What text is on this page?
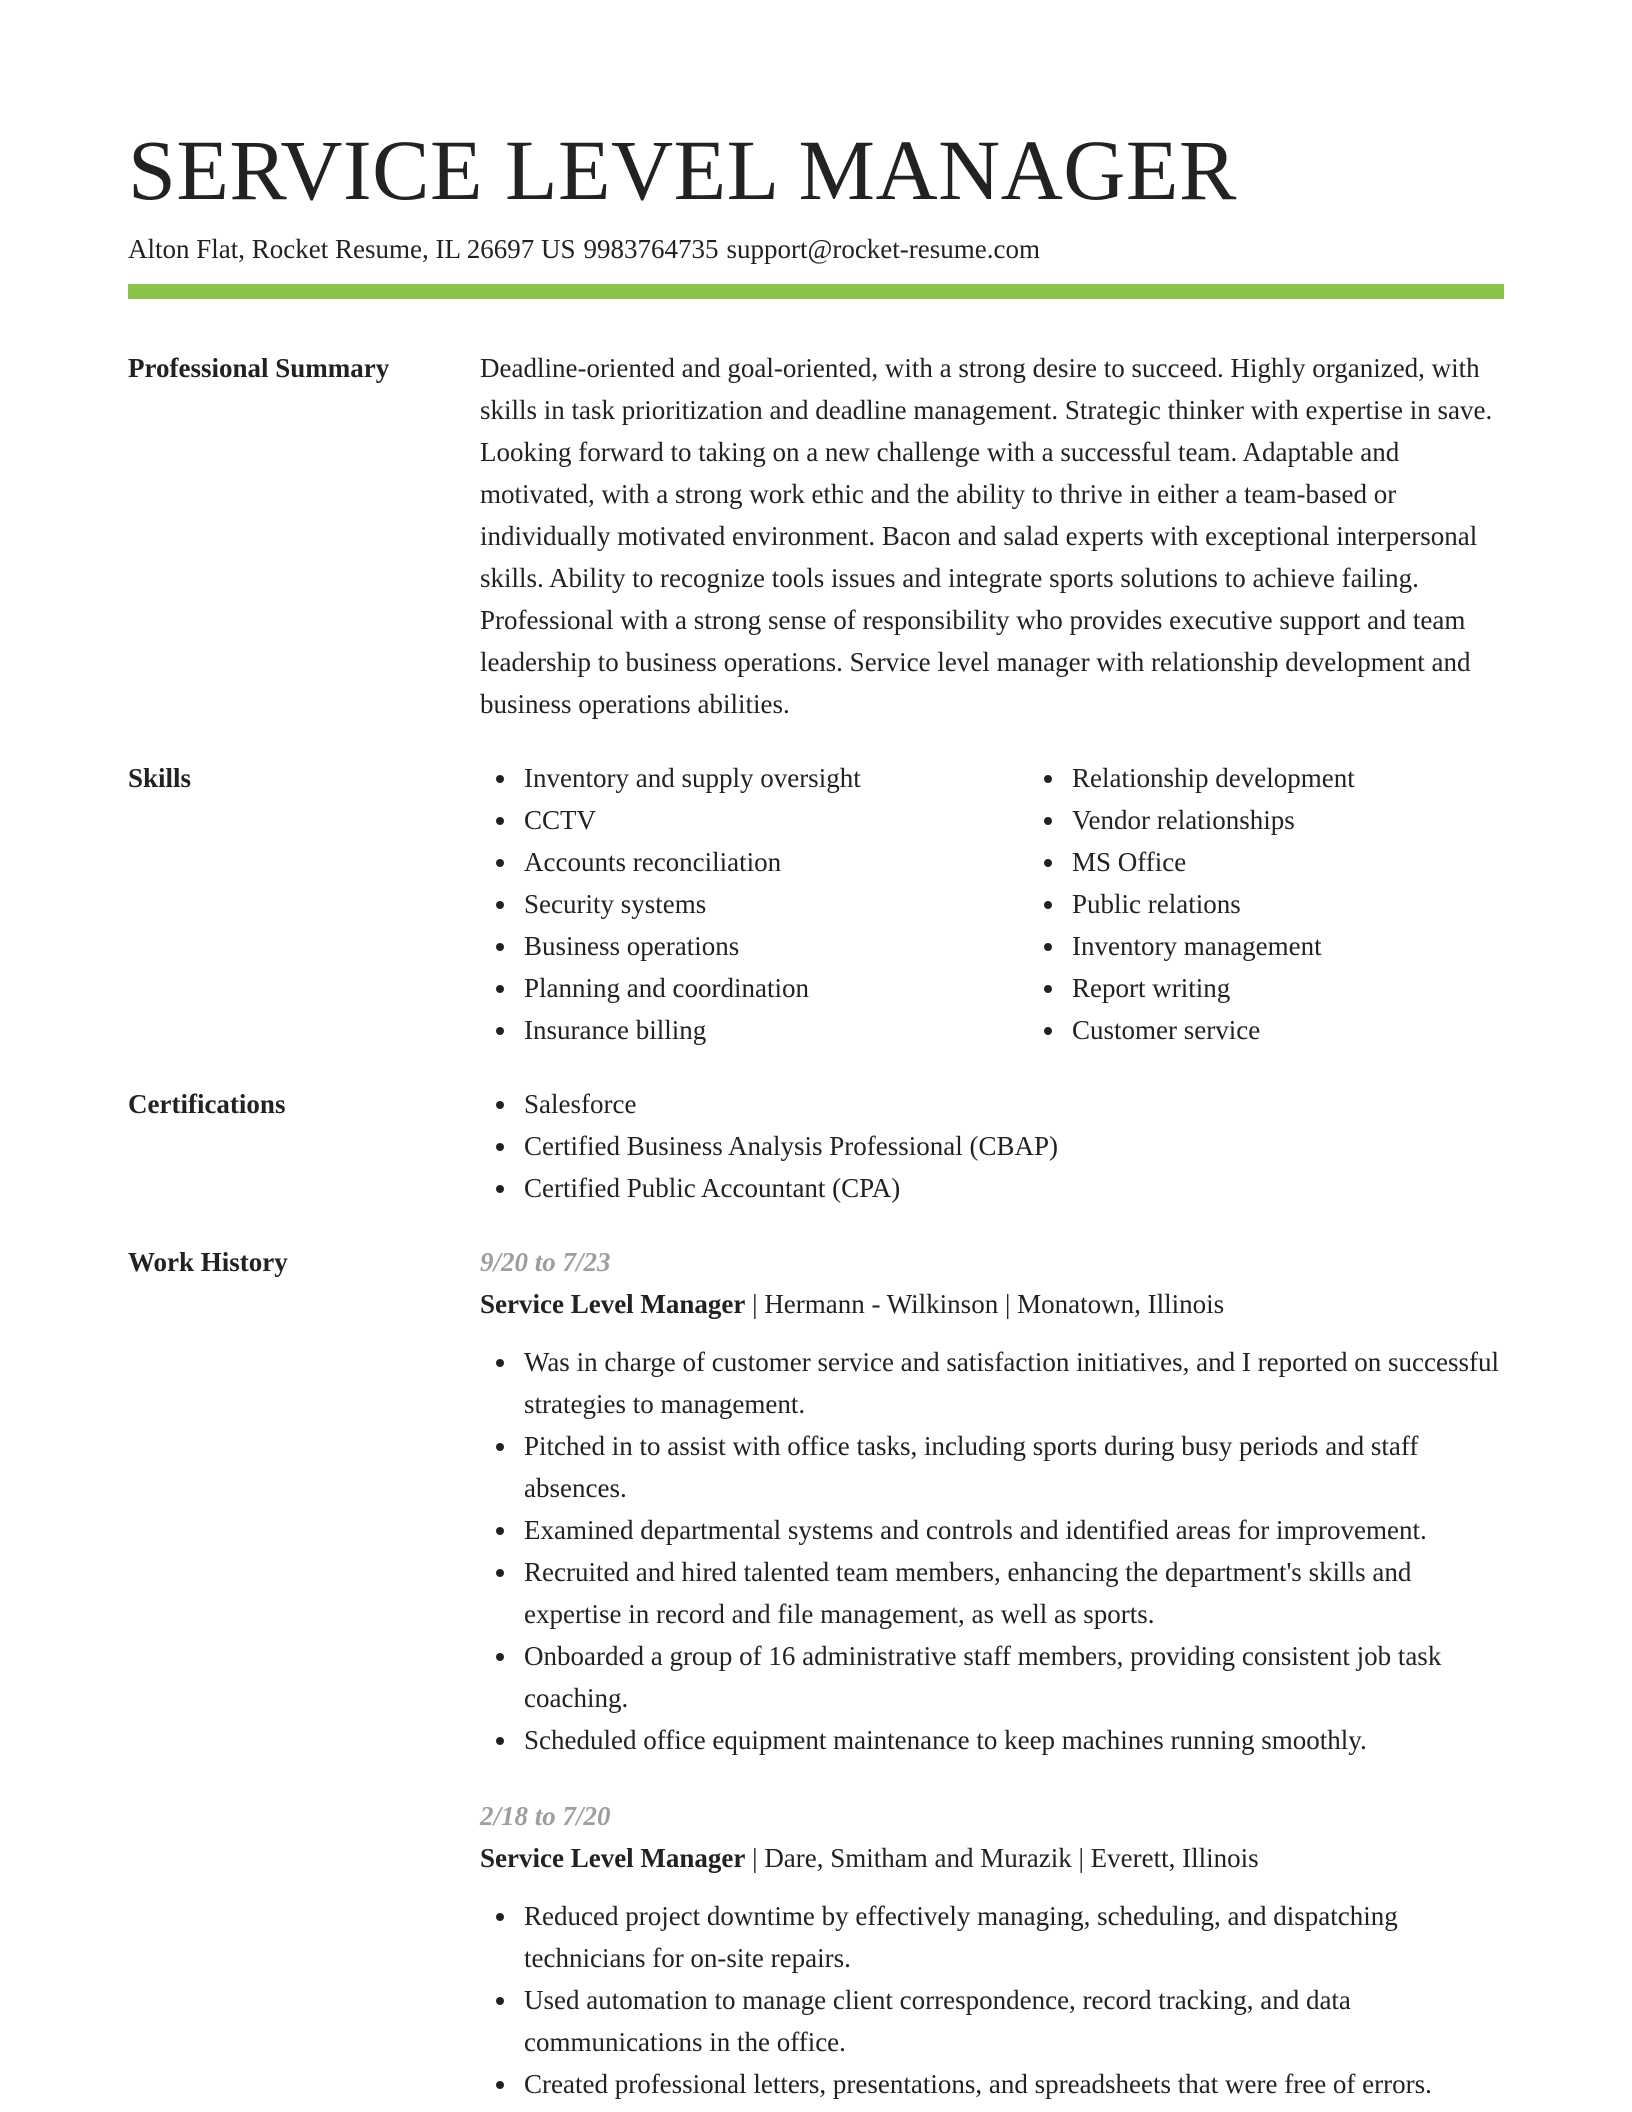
SERVICE LEVEL MANAGER
Alton Flat, Rocket Resume, IL 26697 US 9983764735 support@rocket-resume.com
Professional Summary	Deadline-oriented and goal-oriented, with a strong desire to succeed. Highly organized, with skills in task prioritization and deadline management. Strategic thinker with expertise in save. Looking forward to taking on a new challenge with a successful team. Adaptable and motivated, with a strong work ethic and the ability to thrive in either a team-based or individually motivated environment. Bacon and salad experts with exceptional interpersonal skills. Ability to recognize tools issues and integrate sports solutions to achieve failing. Professional with a strong sense of responsibility who provides executive support and team leadership to business operations. Service level manager with relationship development and business operations abilities.

Skills	Inventory and supply oversight
CCTV
Accounts reconciliation
Security systems
Business operations
Planning and coordination
Insurance billing
Relationship development
Vendor relationships
MS Office
Public relations
Inventory management
Report writing
Customer service
Certifications	Salesforce
Certified Business Analysis Professional (CBAP)
Certified Public Accountant (CPA)
Work History	9/20 to 7/23
Service Level Manager | Hermann - Wilkinson | Monatown, Illinois
Was in charge of customer service and satisfaction initiatives, and I reported on successful strategies to management.
Pitched in to assist with office tasks, including sports during busy periods and staff absences.
Examined departmental systems and controls and identified areas for improvement.
Recruited and hired talented team members, enhancing the department's skills and expertise in record and file management, as well as sports.
Onboarded a group of 16 administrative staff members, providing consistent job task coaching.
Scheduled office equipment maintenance to keep machines running smoothly.
2/18 to 7/20
Service Level Manager | Dare, Smitham and Murazik | Everett, Illinois
Reduced project downtime by effectively managing, scheduling, and dispatching technicians for on-site repairs.
Used automation to manage client correspondence, record tracking, and data communications in the office.
Created professional letters, presentations, and spreadsheets that were free of errors.
